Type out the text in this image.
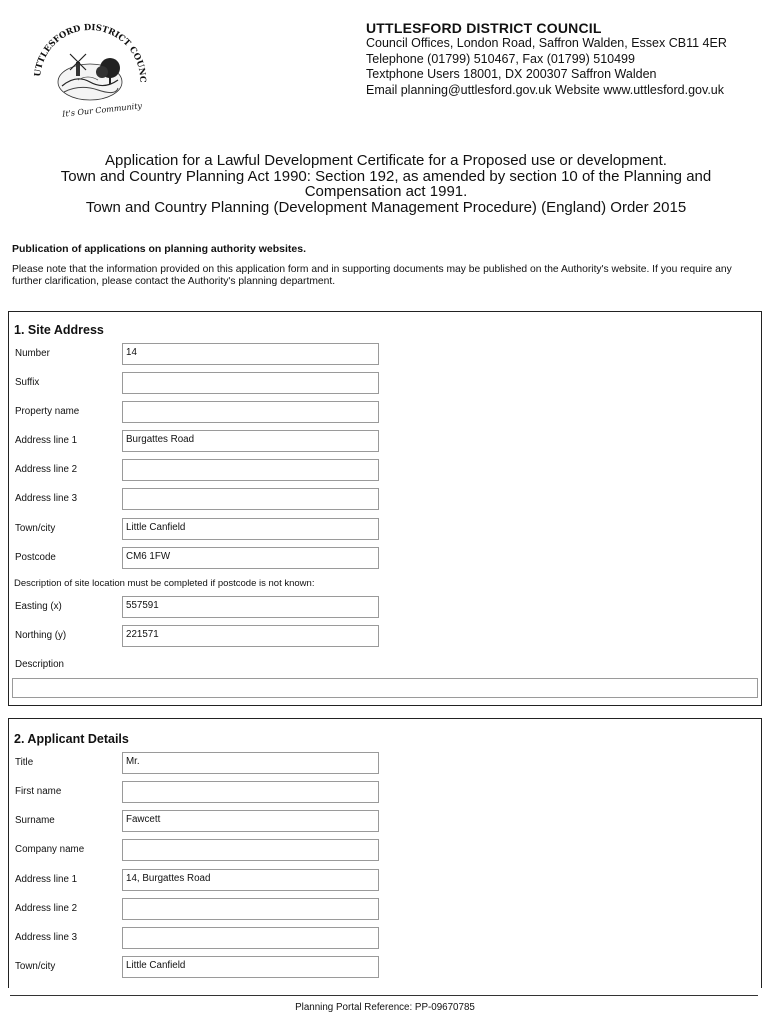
UTTLESFORD DISTRICT COUNC
It's Our Community
UTTLESFORD DISTRICT COUNCIL
Council Offices, London Road, Saffron Walden, Essex CB11 4ER
Telephone (01799) 510467, Fax (01799) 510499
Textphone Users 18001, DX 200307 Saffron Walden
Email planning@uttlesford.gov.uk Website www.uttlesford.gov.uk
Application for a Lawful Development Certificate for a Proposed use or development.
Town and Country Planning Act 1990: Section 192, as amended by section 10 of the Planning and Compensation act 1991.
Town and Country Planning (Development Management Procedure) (England) Order 2015
Publication of applications on planning authority websites.
Please note that the information provided on this application form and in supporting documents may be published on the Authority's website. If you require any further clarification, please contact the Authority's planning department.
1. Site Address
Number	14
Suffix
Property name
Address line 1	Burgattes Road
Address line 2
Address line 3
Town/city	Little Canfield
Postcode	CM6 1FW
Description of site location must be completed if postcode is not known:
Easting (x)	557591
Northing (y)	221571
Description
2. Applicant Details
Title	Mr.
First name
Surname	Fawcett
Company name
Address line 1	14, Burgattes Road
Address line 2
Address line 3
Town/city	Little Canfield
Planning Portal Reference: PP-09670785
